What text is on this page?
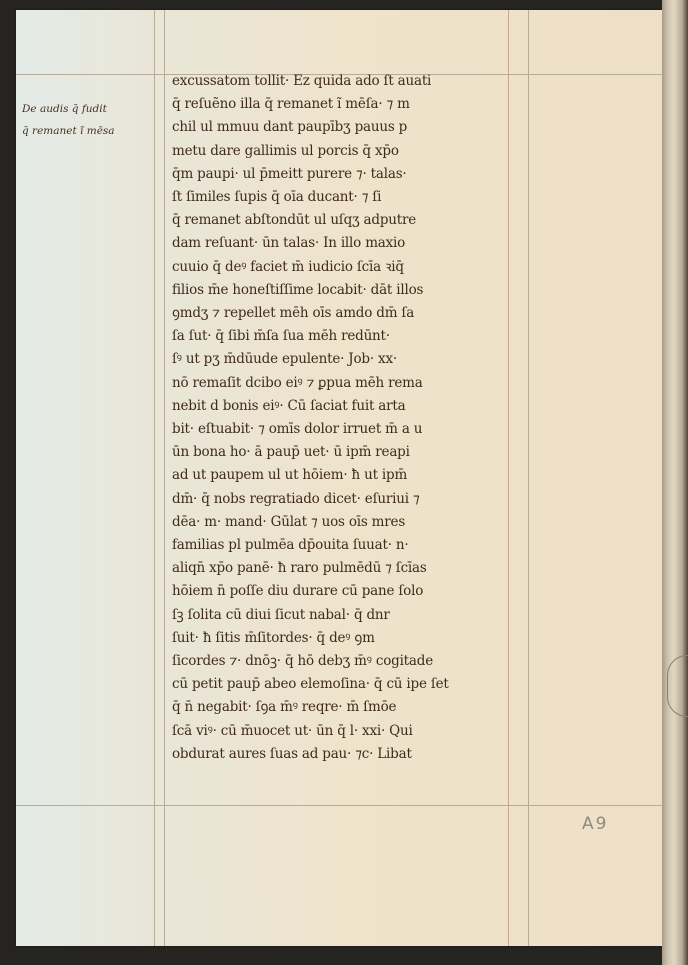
De audis q̄ fudit
q̄ remanet ĩ mēsa
excussatom tollit· Ez quida ado ſt auati
q̄ reſuẽno illa q̄ remanet ĩ mēſa· ⁊ m
chil ul mmuu dant paupībʒ pauus p
metu dare gallimis ul porcis q̄ xp̄o
q̄m paupi· ul p̄meitt purere ⁊· talas·
ſt ſimiles ſupis q̄ oīa ducant· ⁊ ſi
q̄ remanet abſtondūt ul uſqʒ adputre
dam reſuant· ūn talas· In illo maxio
cuuio q̄ deꝰ faciet m̄ iudicio ſcīa ꝛiq̄
filios m̄e honeſtiſſime locabit· dāt illos
ꝯmdʒ ⁊ repellet mēh oīs amdo dm̄ ſa
ſa ſut· q̄ ſibi m̄ſa ſua mēh redūnt·
ſꝰ ut pʒ m̄dūude epulente· Job· xx·
nō remaſit dcibo eiꝰ ⁊ ꝑpua mēh rema
nebit d bonis eiꝰ· Cū ſaciat fuit arta
bit· eſtuabit· ⁊ omīs dolor irruet m̄ a u
ūn bona ho· ā paup̄ uet· ū ipm̄ reapi
ad ut paupem ul ut hōiem· ħ ut ipm̄
dm̄· q̄ nobs regratiado dicet· eſuriui ⁊
dēa· m· mand· Gūlat ⁊ uos oīs mres
familias pl pulmēa dp̄ouita ſuuat· n·
aliqn̄ xp̄o panē· ħ raro pulmēdū ⁊ ſcīas
hōiem n̄ poſſe diu durare cū pane ſolo
ſꝫ ſolita cū diui ſicut nabal· q̄ dnr
ſuit· ħ ſitis m̄ſitordes· q̄ deꝰ ꝯm
ſicordes ⁊· dnōꝫ· q̄ hō debʒ m̄ꝰ cogitade
cū petit paup̄ abeo elemoſina· q̄ cū ipe ſet
q̄ n̄ negabit· ſꝯa m̄ꝰ reqre· m̄ ſmōe
ſcā viꝰ· cū m̄uocet ut· ūn q̄ l· xxi· Qui
obdurat aures ſuas ad pau· ⁊c· Libat
A9
